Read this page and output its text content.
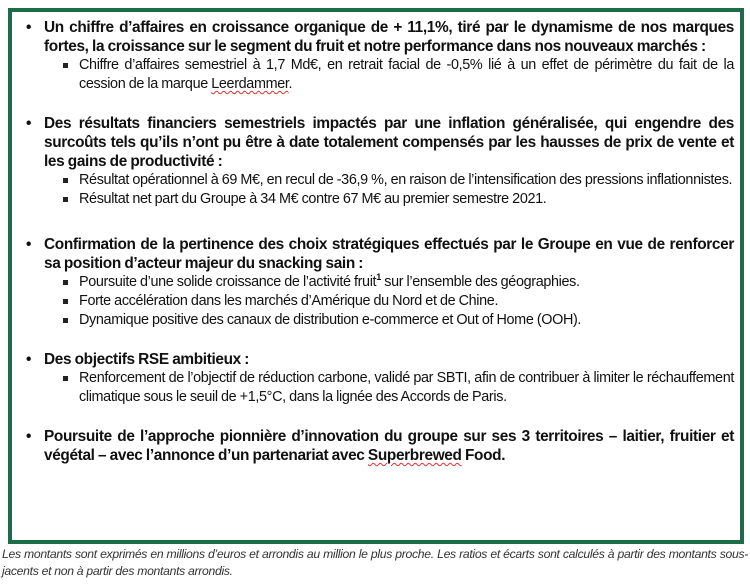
• Un chiffre d’affaires en croissance organique de + 11,1%, tiré par le dynamisme de nos marques fortes, la croissance sur le segment du fruit et notre performance dans nos nouveaux marchés :
Chiffre d’affaires semestriel à 1,7 Md€, en retrait facial de -0,5% lié à un effet de périmètre du fait de la cession de la marque Leerdammer.
• Des résultats financiers semestriels impactés par une inflation généralisée, qui engendre des surcoûts tels qu’ils n’ont pu être à date totalement compensés par les hausses de prix de vente et les gains de productivité :
Résultat opérationnel à 69 M€, en recul de -36,9 %, en raison de l’intensification des pressions inflationnistes.
Résultat net part du Groupe à 34 M€ contre 67 M€ au premier semestre 2021.
• Confirmation de la pertinence des choix stratégiques effectués par le Groupe en vue de renforcer sa position d’acteur majeur du snacking sain :
Poursuite d’une solide croissance de l’activité fruit$^1$ sur l’ensemble des géographies.
Forte accélération dans les marchés d’Amérique du Nord et de Chine.
Dynamique positive des canaux de distribution e-commerce et Out of Home (OOH).
• Des objectifs RSE ambitieux :
Renforcement de l’objectif de réduction carbone, validé par SBTI, afin de contribuer à limiter le réchauffement climatique sous le seuil de +1,5°C, dans la lignée des Accords de Paris.
• Poursuite de l’approche pionnière d’innovation du groupe sur ses 3 territoires – laitier, fruitier et végétal – avec l’annonce d’un partenariat avec Superbrewed Food.
Les montants sont exprimés en millions d’euros et arrondis au million le plus proche. Les ratios et écarts sont calculés à partir des montants sous-jacents et non à partir des montants arrondis.
